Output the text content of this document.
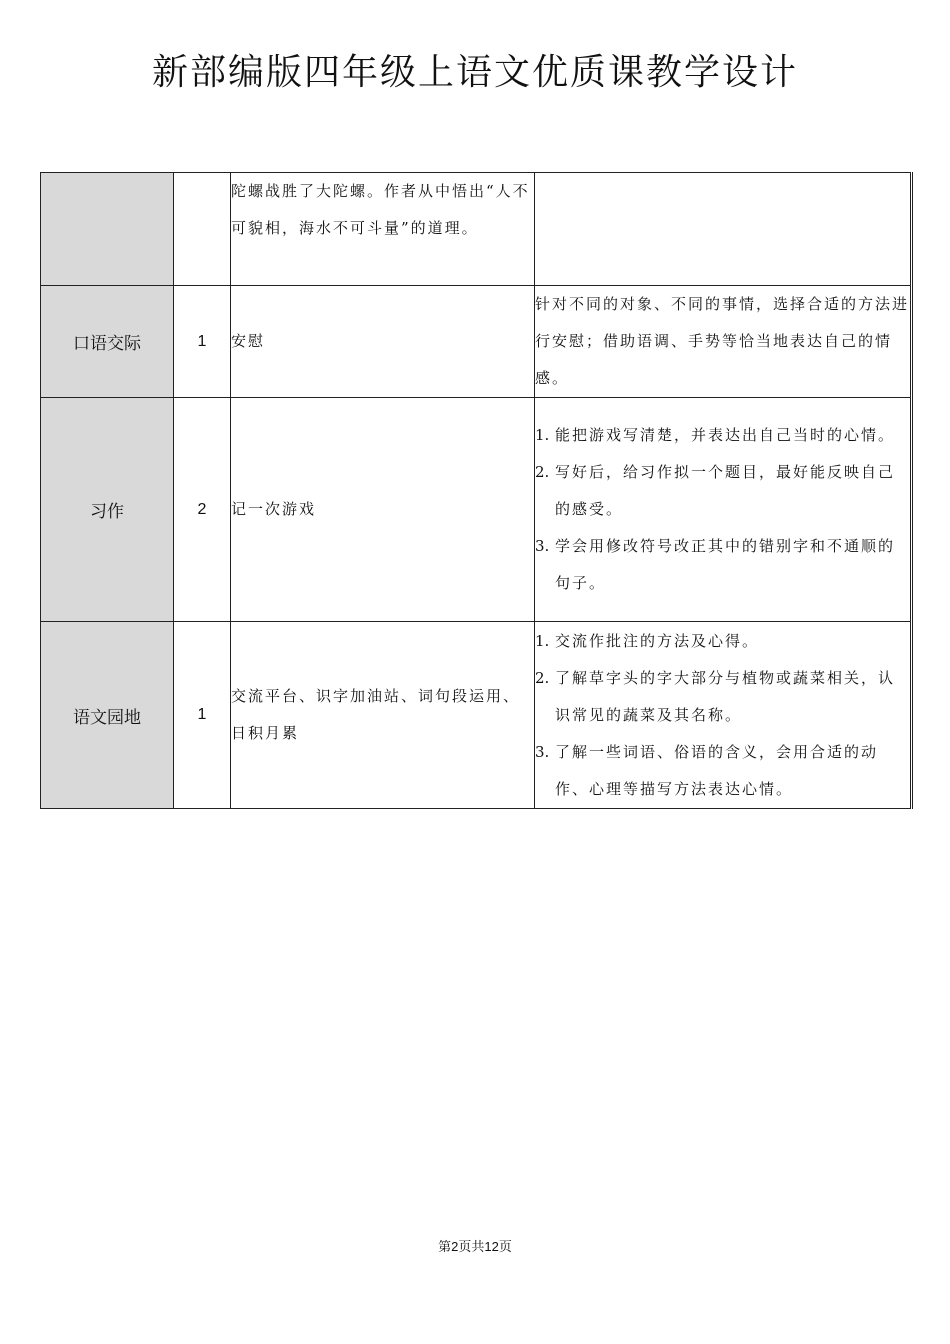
新部编版四年级上语文优质课教学设计
		陀螺战胜了大陀螺。作者从中悟出“人不可貌相，海水不可斗量”的道理。	
口语交际	1	安慰	针对不同的对象、不同的事情，选择合适的方法进行安慰；借助语调、手势等恰当地表达自己的情感。
习作	2	记一次游戏	1. 能把游戏写清楚，并表达出自己当时的心情。
2. 写好后，给习作拟一个题目，最好能反映自己的感受。
3. 学会用修改符号改正其中的错别字和不通顺的句子。

语文园地	1	交流平台、识字加油站、词句段运用、日积月累	1. 交流作批注的方法及心得。
2. 了解草字头的字大部分与植物或蔬菜相关，认识常见的蔬菜及其名称。
3. 了解一些词语、俗语的含义，会用合适的动作、心理等描写方法表达心情。
第2页共12页
